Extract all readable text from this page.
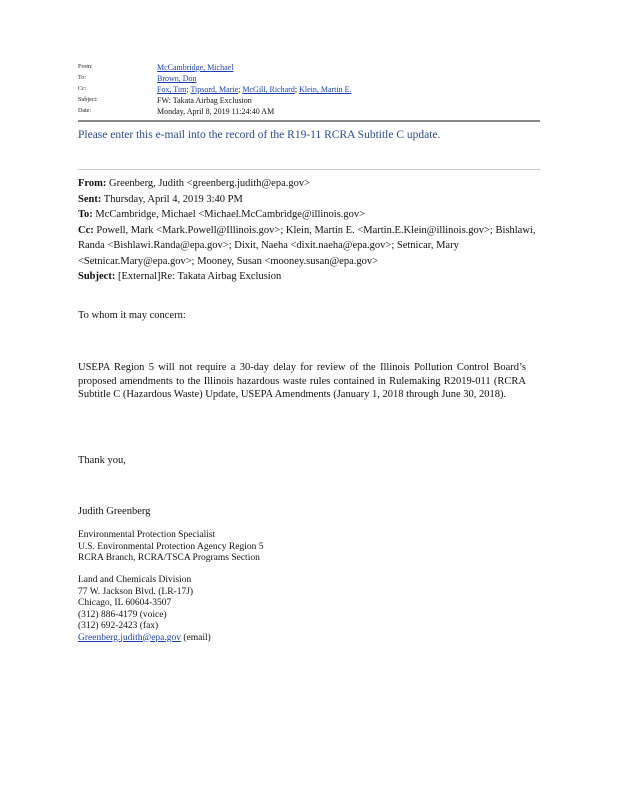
From:	McCambridge, Michael
To:	Brown, Don
Cc:	Fox, Tim; Tipsord, Marie; McGill, Richard; Klein, Martin E.
Subject:	FW: Takata Airbag Exclusion
Date:	Monday, April 8, 2019 11:24:40 AM
Please enter this e-mail into the record of the R19-11 RCRA Subtitle C update.
From: Greenberg, Judith <greenberg.judith@epa.gov>
Sent: Thursday, April 4, 2019 3:40 PM
To: McCambridge, Michael <Michael.McCambridge@illinois.gov>
Cc: Powell, Mark <Mark.Powell@Illinois.gov>; Klein, Martin E. <Martin.E.Klein@illinois.gov>; Bishlawi, Randa <Bishlawi.Randa@epa.gov>; Dixit, Naeha <dixit.naeha@epa.gov>; Setnicar, Mary <Setnicar.Mary@epa.gov>; Mooney, Susan <mooney.susan@epa.gov>
Subject: [External]Re: Takata Airbag Exclusion
To whom it may concern:
USEPA Region 5 will not require a 30-day delay for review of the Illinois Pollution Control Board’s proposed amendments to the Illinois hazardous waste rules contained in Rulemaking R2019-011 (RCRA Subtitle C (Hazardous Waste) Update, USEPA Amendments (January 1, 2018 through June 30, 2018).
Thank you,
Judith Greenberg
Environmental Protection Specialist
U.S. Environmental Protection Agency Region 5
RCRA Branch, RCRA/TSCA Programs Section
Land and Chemicals Division
77 W. Jackson Blvd. (LR-17J)
Chicago, IL 60604-3507
(312) 886-4179 (voice)
(312) 692-2423 (fax)
Greenberg.judith@epa.gov (email)
